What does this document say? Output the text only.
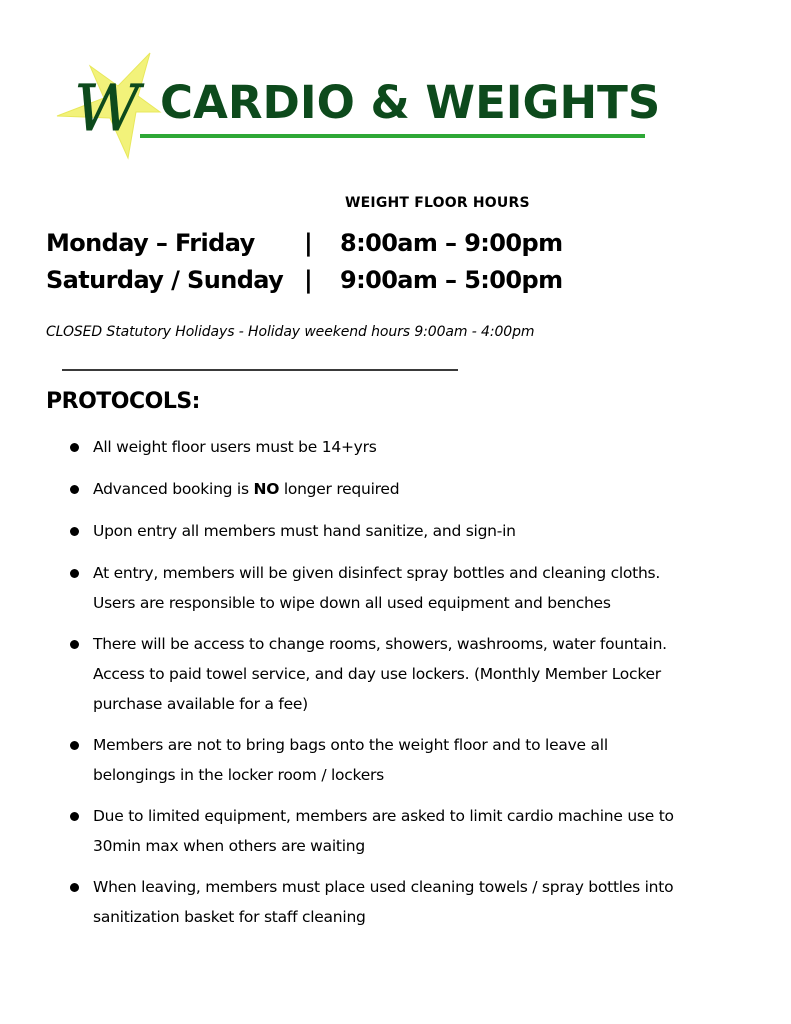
W CARDIO & WEIGHTS
WEIGHT FLOOR HOURS
Monday – Friday | 8:00am – 9:00pm
Saturday / Sunday | 9:00am – 5:00pm
CLOSED Statutory Holidays - Holiday weekend hours 9:00am - 4:00pm
PROTOCOLS:
All weight floor users must be 14+yrs
Advanced booking is NO longer required
Upon entry all members must hand sanitize, and sign-in
At entry, members will be given disinfect spray bottles and cleaning cloths.
Users are responsible to wipe down all used equipment and benches
There will be access to change rooms, showers, washrooms, water fountain.
Access to paid towel service, and day use lockers. (Monthly Member Locker
purchase available for a fee)
Members are not to bring bags onto the weight floor and to leave all
belongings in the locker room / lockers
Due to limited equipment, members are asked to limit cardio machine use to
30min max when others are waiting
When leaving, members must place used cleaning towels / spray bottles into
sanitization basket for staff cleaning
